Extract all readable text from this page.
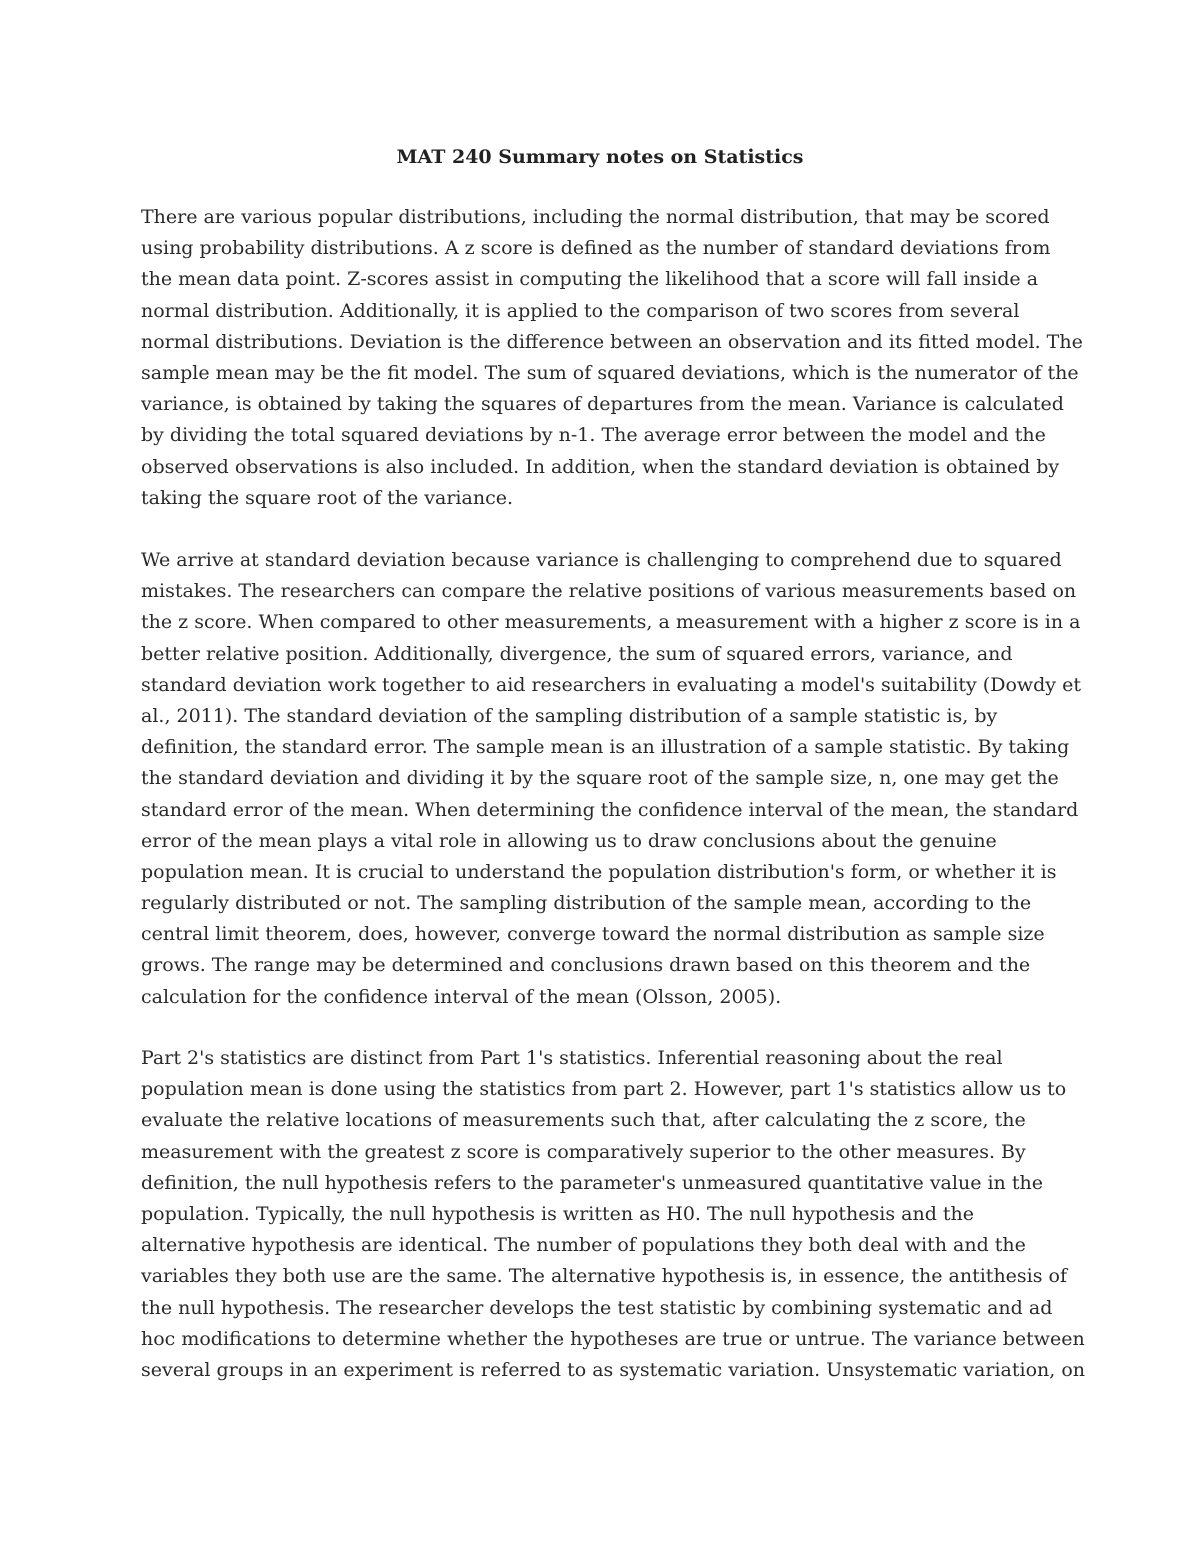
MAT 240 Summary notes on Statistics
There are various popular distributions, including the normal distribution, that may be scored
using probability distributions. A z score is defined as the number of standard deviations from
the mean data point. Z-scores assist in computing the likelihood that a score will fall inside a
normal distribution. Additionally, it is applied to the comparison of two scores from several
normal distributions. Deviation is the difference between an observation and its fitted model. The
sample mean may be the fit model. The sum of squared deviations, which is the numerator of the
variance, is obtained by taking the squares of departures from the mean. Variance is calculated
by dividing the total squared deviations by n-1. The average error between the model and the
observed observations is also included. In addition, when the standard deviation is obtained by
taking the square root of the variance.
We arrive at standard deviation because variance is challenging to comprehend due to squared
mistakes. The researchers can compare the relative positions of various measurements based on
the z score. When compared to other measurements, a measurement with a higher z score is in a
better relative position. Additionally, divergence, the sum of squared errors, variance, and
standard deviation work together to aid researchers in evaluating a model's suitability (Dowdy et
al., 2011). The standard deviation of the sampling distribution of a sample statistic is, by
definition, the standard error. The sample mean is an illustration of a sample statistic. By taking
the standard deviation and dividing it by the square root of the sample size, n, one may get the
standard error of the mean. When determining the confidence interval of the mean, the standard
error of the mean plays a vital role in allowing us to draw conclusions about the genuine
population mean. It is crucial to understand the population distribution's form, or whether it is
regularly distributed or not. The sampling distribution of the sample mean, according to the
central limit theorem, does, however, converge toward the normal distribution as sample size
grows. The range may be determined and conclusions drawn based on this theorem and the
calculation for the confidence interval of the mean (Olsson, 2005).
Part 2's statistics are distinct from Part 1's statistics. Inferential reasoning about the real
population mean is done using the statistics from part 2. However, part 1's statistics allow us to
evaluate the relative locations of measurements such that, after calculating the z score, the
measurement with the greatest z score is comparatively superior to the other measures. By
definition, the null hypothesis refers to the parameter's unmeasured quantitative value in the
population. Typically, the null hypothesis is written as H0. The null hypothesis and the
alternative hypothesis are identical. The number of populations they both deal with and the
variables they both use are the same. The alternative hypothesis is, in essence, the antithesis of
the null hypothesis. The researcher develops the test statistic by combining systematic and ad
hoc modifications to determine whether the hypotheses are true or untrue. The variance between
several groups in an experiment is referred to as systematic variation. Unsystematic variation, on
